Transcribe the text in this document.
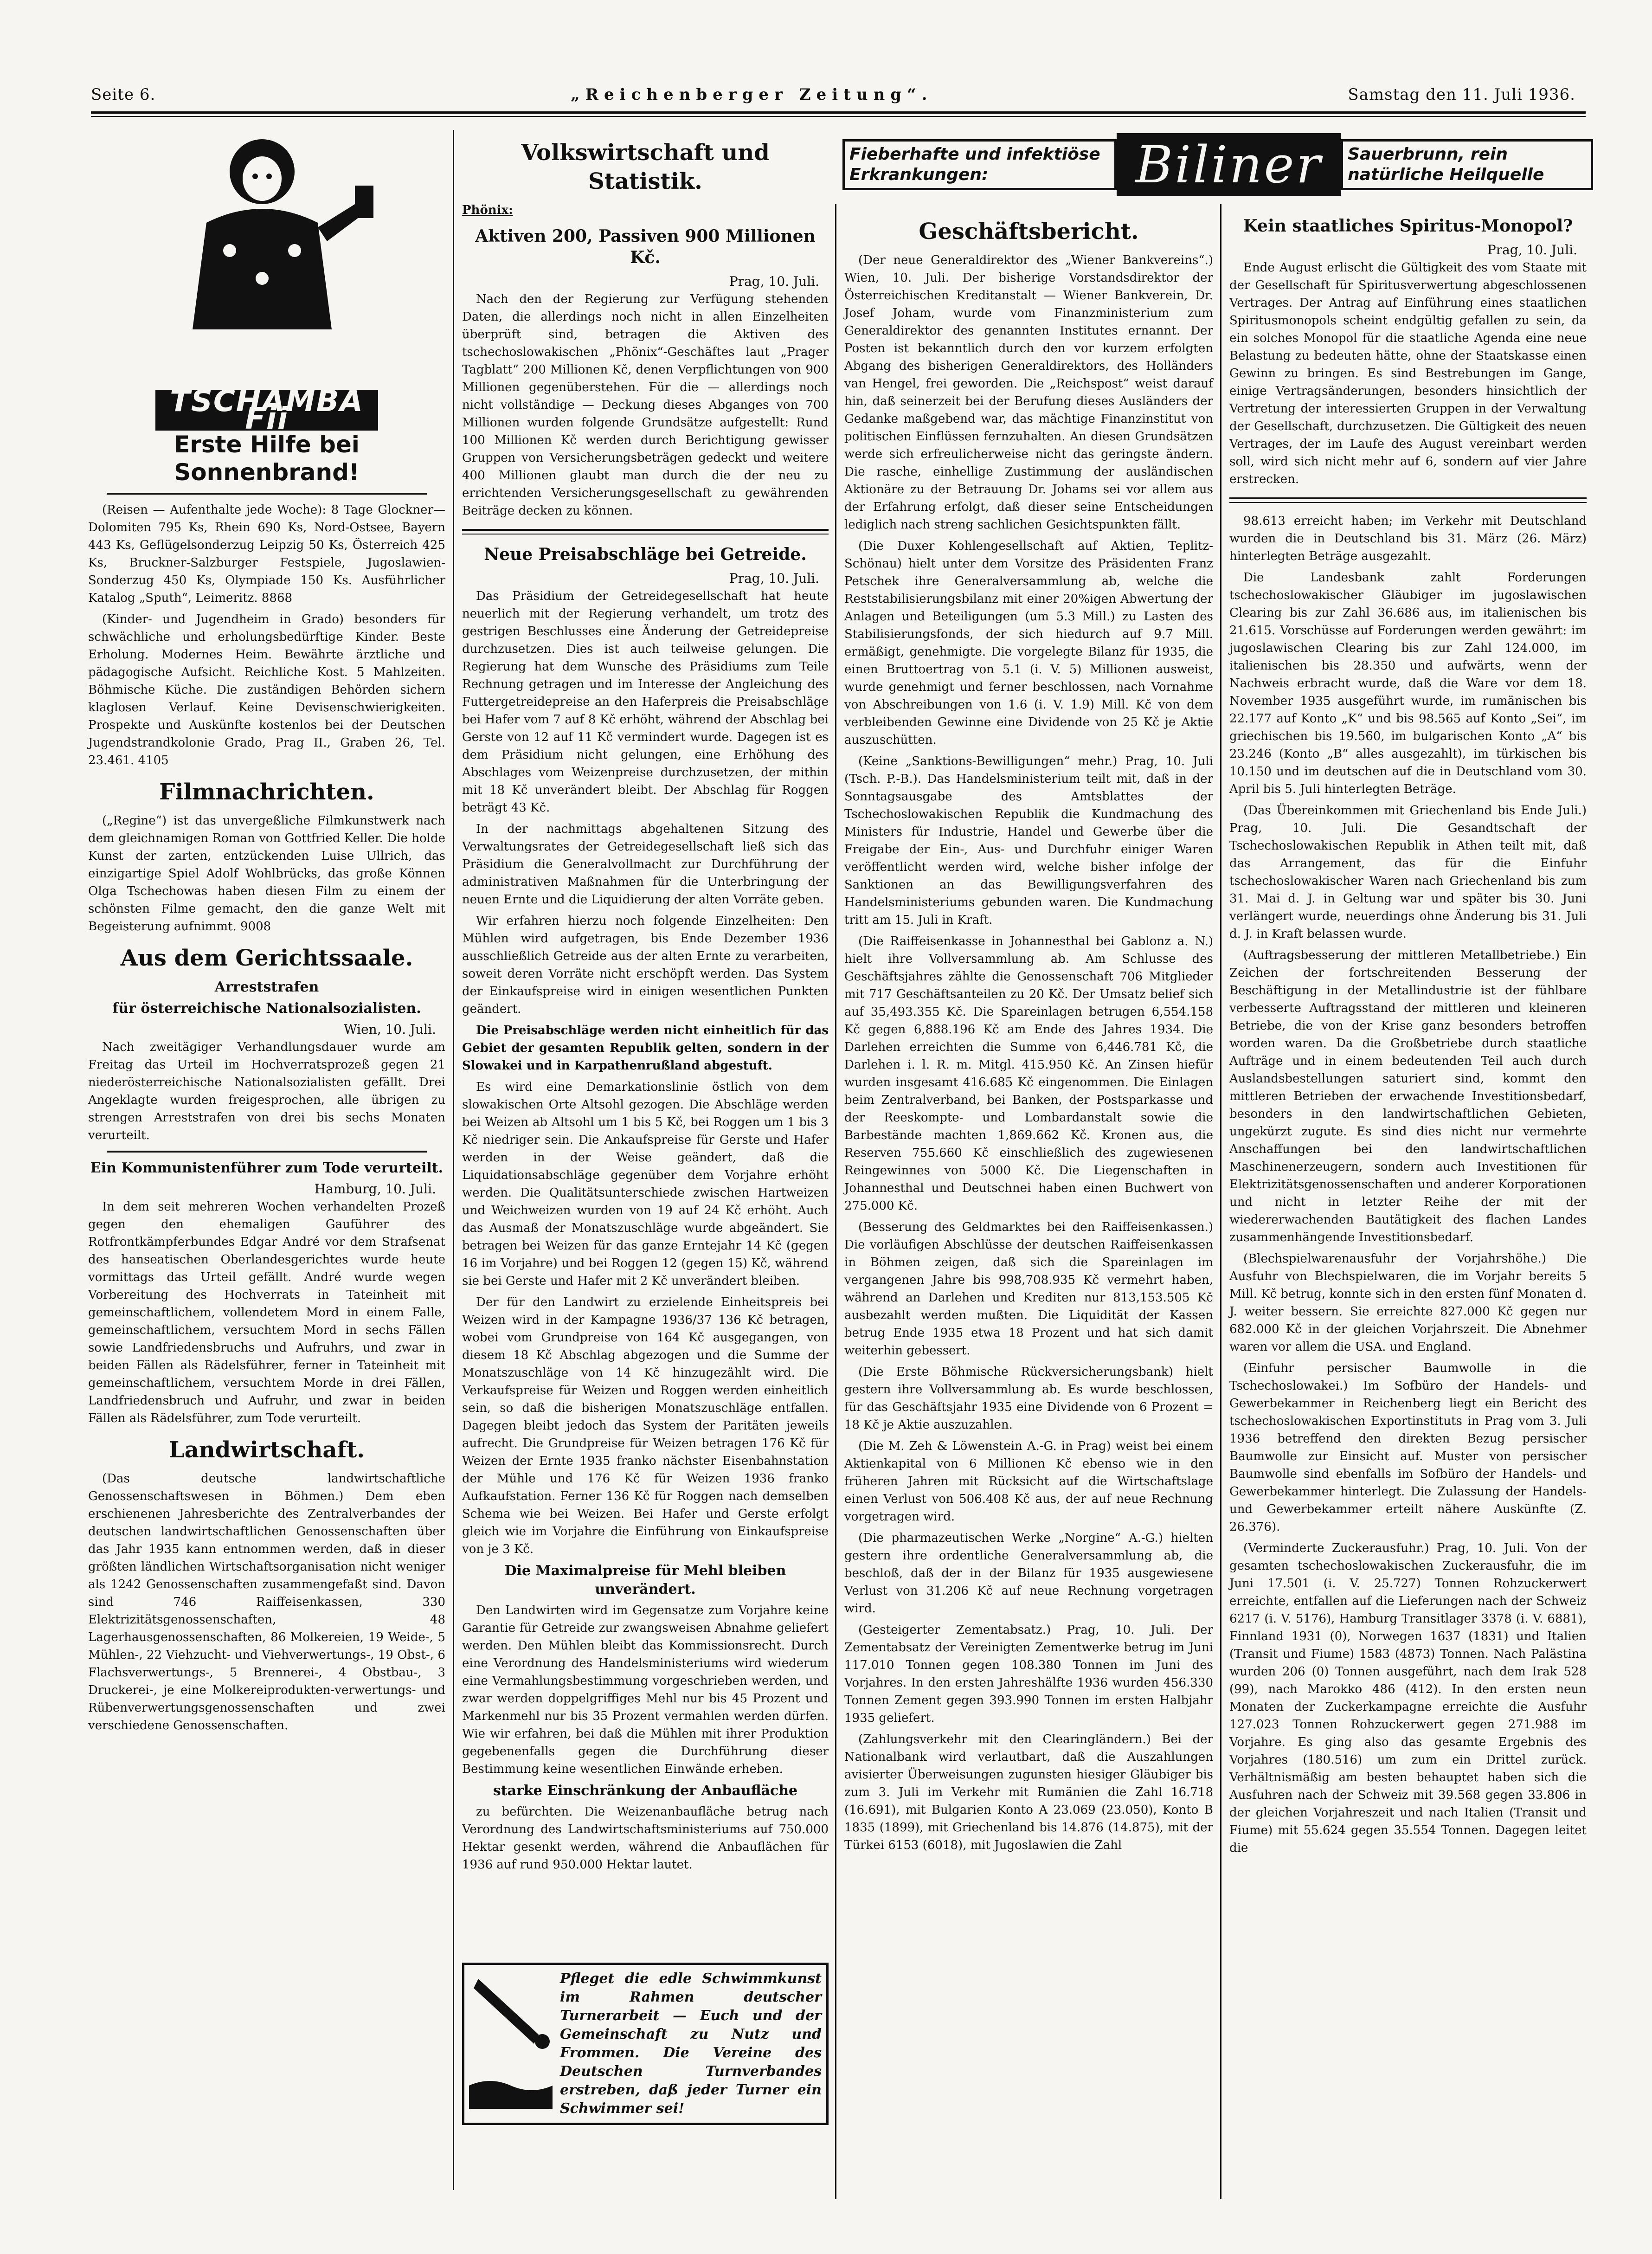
Seite 6.	„Reichenberger Zeitung“.	Samstag den 11. Juli 1936.
TSCHAMBA Fii
Erste Hilfe bei Sonnenbrand!

(Reisen — Aufenthalte jede Woche): 8 Tage Glockner—Dolomiten 795 Ks, Rhein 690 Ks, Nord-Ostsee, Bayern 443 Ks, Geflügelsonderzug Leipzig 50 Ks, Österreich 425 Ks, Bruckner-Salzburger Festspiele, Jugoslawien-Sonderzug 450 Ks, Olympiade 150 Ks. Ausführlicher Katalog „Sputh“, Leimeritz. 8868

(Kinder- und Jugendheim in Grado) besonders für schwächliche und erholungsbedürftige Kinder. Beste Erholung. Modernes Heim. Bewährte ärztliche und pädagogische Aufsicht. Reichliche Kost. 5 Mahlzeiten. Böhmische Küche. Die zuständigen Behörden sichern klaglosen Verlauf. Keine Devisenschwierigkeiten. Prospekte und Auskünfte kostenlos bei der Deutschen Jugendstrandkolonie Grado, Prag II., Graben 26, Tel. 23.461. 4105

Filmnachrichten.

(„Regine“) ist das unvergeßliche Filmkunstwerk nach dem gleichnamigen Roman von Gottfried Keller. Die holde Kunst der zarten, entzückenden Luise Ullrich, das einzigartige Spiel Adolf Wohlbrücks, das große Können Olga Tschechowas haben diesen Film zu einem der schönsten Filme gemacht, den die ganze Welt mit Begeisterung aufnimmt. 9008

Aus dem Gerichtssaale.
Arreststrafen
für österreichische Nationalsozialisten.
Wien, 10. Juli.

Nach zweitägiger Verhandlungsdauer wurde am Freitag das Urteil im Hochverratsprozeß gegen 21 niederösterreichische Nationalsozialisten gefällt. Drei Angeklagte wurden freigesprochen, alle übrigen zu strengen Arreststrafen von drei bis sechs Monaten verurteilt.

Ein Kommunistenführer zum Tode verurteilt.
Hamburg, 10. Juli.

In dem seit mehreren Wochen verhandelten Prozeß gegen den ehemaligen Gauführer des Rotfrontkämpferbundes Edgar André vor dem Strafsenat des hanseatischen Oberlandesgerichtes wurde heute vormittags das Urteil gefällt. André wurde wegen Vorbereitung des Hochverrats in Tateinheit mit gemeinschaftlichem, vollendetem Mord in einem Falle, gemeinschaftlichem, versuchtem Mord in sechs Fällen sowie Landfriedensbruchs und Aufruhrs, und zwar in beiden Fällen als Rädelsführer, ferner in Tateinheit mit gemeinschaftlichem, versuchtem Morde in drei Fällen, Landfriedensbruch und Aufruhr, und zwar in beiden Fällen als Rädelsführer, zum Tode verurteilt.

Landwirtschaft.

(Das deutsche landwirtschaftliche Genossenschaftswesen in Böhmen.) Dem eben erschienenen Jahresberichte des Zentralverbandes der deutschen landwirtschaftlichen Genossenschaften über das Jahr 1935 kann entnommen werden, daß in dieser größten ländlichen Wirtschaftsorganisation nicht weniger als 1242 Genossenschaften zusammengefaßt sind. Davon sind 746 Raiffeisenkassen, 330 Elektrizitätsgenossenschaften, 48 Lagerhausgenossenschaften, 86 Molkereien, 19 Weide-, 5 Mühlen-, 22 Viehzucht- und Viehverwertungs-, 19 Obst-, 6 Flachsverwertungs-, 5 Brennerei-, 4 Obstbau-, 3 Druckerei-, je eine Molkereiprodukten-verwertungs- und Rübenverwertungsgenossenschaften und zwei verschiedene Genossenschaften.

Volkswirtschaft und Statistik.
Phönix:
Aktiven 200, Passiven 900 Millionen Kč.
Prag, 10. Juli.

Nach den der Regierung zur Verfügung stehenden Daten, die allerdings noch nicht in allen Einzelheiten überprüft sind, betragen die Aktiven des tschechoslowakischen „Phönix“-Geschäftes laut „Prager Tagblatt“ 200 Millionen Kč, denen Verpflichtungen von 900 Millionen gegenüberstehen. Für die — allerdings noch nicht vollständige — Deckung dieses Abganges von 700 Millionen wurden folgende Grundsätze aufgestellt: Rund 100 Millionen Kč werden durch Berichtigung gewisser Gruppen von Versicherungsbeträgen gedeckt und weitere 400 Millionen glaubt man durch die der neu zu errichtenden Versicherungsgesellschaft zu gewährenden Beiträge decken zu können.

Neue Preisabschläge bei Getreide.
Prag, 10. Juli.

Das Präsidium der Getreidegesellschaft hat heute neuerlich mit der Regierung verhandelt, um trotz des gestrigen Beschlusses eine Änderung der Getreidepreise durchzusetzen. Dies ist auch teilweise gelungen. Die Regierung hat dem Wunsche des Präsidiums zum Teile Rechnung getragen und im Interesse der Angleichung des Futtergetreidepreise an den Haferpreis die Preisabschläge bei Hafer vom 7 auf 8 Kč erhöht, während der Abschlag bei Gerste von 12 auf 11 Kč vermindert wurde. Dagegen ist es dem Präsidium nicht gelungen, eine Erhöhung des Abschlages vom Weizenpreise durchzusetzen, der mithin mit 18 Kč unverändert bleibt. Der Abschlag für Roggen beträgt 43 Kč.

In der nachmittags abgehaltenen Sitzung des Verwaltungsrates der Getreidegesellschaft ließ sich das Präsidium die Generalvollmacht zur Durchführung der administrativen Maßnahmen für die Unterbringung der neuen Ernte und die Liquidierung der alten Vorräte geben.

Wir erfahren hierzu noch folgende Einzelheiten: Den Mühlen wird aufgetragen, bis Ende Dezember 1936 ausschließlich Getreide aus der alten Ernte zu verarbeiten, soweit deren Vorräte nicht erschöpft werden. Das System der Einkaufspreise wird in einigen wesentlichen Punkten geändert.

Die Preisabschläge werden nicht einheitlich für das Gebiet der gesamten Republik gelten, sondern in der Slowakei und in Karpathenrußland abgestuft.

Es wird eine Demarkationslinie östlich von dem slowakischen Orte Altsohl gezogen. Die Abschläge werden bei Weizen ab Altsohl um 1 bis 5 Kč, bei Roggen um 1 bis 3 Kč niedriger sein. Die Ankaufspreise für Gerste und Hafer werden in der Weise geändert, daß die Liquidationsabschläge gegenüber dem Vorjahre erhöht werden. Die Qualitätsunterschiede zwischen Hartweizen und Weichweizen wurden von 19 auf 24 Kč erhöht. Auch das Ausmaß der Monatszuschläge wurde abgeändert. Sie betragen bei Weizen für das ganze Erntejahr 14 Kč (gegen 16 im Vorjahre) und bei Roggen 12 (gegen 15) Kč, während sie bei Gerste und Hafer mit 2 Kč unverändert bleiben.

Der für den Landwirt zu erzielende Einheitspreis bei Weizen wird in der Kampagne 1936/37 136 Kč betragen, wobei vom Grundpreise von 164 Kč ausgegangen, von diesem 18 Kč Abschlag abgezogen und die Summe der Monatszuschläge von 14 Kč hinzugezählt wird. Die Verkaufspreise für Weizen und Roggen werden einheitlich sein, so daß die bisherigen Monatszuschläge entfallen. Dagegen bleibt jedoch das System der Paritäten jeweils aufrecht. Die Grundpreise für Weizen betragen 176 Kč für Weizen der Ernte 1935 franko nächster Eisenbahnstation der Mühle und 176 Kč für Weizen 1936 franko Aufkaufstation. Ferner 136 Kč für Roggen nach demselben Schema wie bei Weizen. Bei Hafer und Gerste erfolgt gleich wie im Vorjahre die Einführung von Einkaufspreise von je 3 Kč.

Die Maximalpreise für Mehl bleiben unverändert.

Den Landwirten wird im Gegensatze zum Vorjahre keine Garantie für Getreide zur zwangsweisen Abnahme geliefert werden. Den Mühlen bleibt das Kommissionsrecht. Durch eine Verordnung des Handelsministeriums wird wiederum eine Vermahlungsbestimmung vorgeschrieben werden, und zwar werden doppelgriffiges Mehl nur bis 45 Prozent und Markenmehl nur bis 35 Prozent vermahlen werden dürfen. Wie wir erfahren, bei daß die Mühlen mit ihrer Produktion gegebenenfalls gegen die Durchführung dieser Bestimmung keine wesentlichen Einwände erheben.

starke Einschränkung der Anbaufläche

zu befürchten. Die Weizenanbaufläche betrug nach Verordnung des Landwirtschaftsministeriums auf 750.000 Hektar gesenkt werden, während die Anbauflächen für 1936 auf rund 950.000 Hektar lautet.

Fieberhafte und infektiöse Erkrankungen:	Biliner	Sauerbrunn, rein natürliche Heilquelle
Geschäftsbericht.

(Der neue Generaldirektor des „Wiener Bankvereins“.) Wien, 10. Juli. Der bisherige Vorstandsdirektor der Österreichischen Kreditanstalt — Wiener Bankverein, Dr. Josef Joham, wurde vom Finanzministerium zum Generaldirektor des genannten Institutes ernannt. Der Posten ist bekanntlich durch den vor kurzem erfolgten Abgang des bisherigen Generaldirektors, des Holländers van Hengel, frei geworden. Die „Reichspost“ weist darauf hin, daß seinerzeit bei der Berufung dieses Ausländers der Gedanke maßgebend war, das mächtige Finanzinstitut von politischen Einflüssen fernzuhalten. An diesen Grundsätzen werde sich erfreulicherweise nicht das geringste ändern. Die rasche, einhellige Zustimmung der ausländischen Aktionäre zu der Betrauung Dr. Johams sei vor allem aus der Erfahrung erfolgt, daß dieser seine Entscheidungen lediglich nach streng sachlichen Gesichtspunkten fällt.

(Die Duxer Kohlengesellschaft auf Aktien, Teplitz-Schönau) hielt unter dem Vorsitze des Präsidenten Franz Petschek ihre Generalversammlung ab, welche die Reststabilisierungsbilanz mit einer 20%igen Abwertung der Anlagen und Beteiligungen (um 5.3 Mill.) zu Lasten des Stabilisierungsfonds, der sich hiedurch auf 9.7 Mill. ermäßigt, genehmigte. Die vorgelegte Bilanz für 1935, die einen Bruttoertrag von 5.1 (i. V. 5) Millionen ausweist, wurde genehmigt und ferner beschlossen, nach Vornahme von Abschreibungen von 1.6 (i. V. 1.9) Mill. Kč von dem verbleibenden Gewinne eine Dividende von 25 Kč je Aktie auszuschütten.

(Keine „Sanktions-Bewilligungen“ mehr.) Prag, 10. Juli (Tsch. P.-B.). Das Handelsministerium teilt mit, daß in der Sonntagsausgabe des Amtsblattes der Tschechoslowakischen Republik die Kundmachung des Ministers für Industrie, Handel und Gewerbe über die Freigabe der Ein-, Aus- und Durchfuhr einiger Waren veröffentlicht werden wird, welche bisher infolge der Sanktionen an das Bewilligungsverfahren des Handelsministeriums gebunden waren. Die Kundmachung tritt am 15. Juli in Kraft.

(Die Raiffeisenkasse in Johannesthal bei Gablonz a. N.) hielt ihre Vollversammlung ab. Am Schlusse des Geschäftsjahres zählte die Genossenschaft 706 Mitglieder mit 717 Geschäftsanteilen zu 20 Kč. Der Umsatz belief sich auf 35,493.355 Kč. Die Spareinlagen betrugen 6,554.158 Kč gegen 6,888.196 Kč am Ende des Jahres 1934. Die Darlehen erreichten die Summe von 6,446.781 Kč, die Darlehen i. l. R. m. Mitgl. 415.950 Kč. An Zinsen hiefür wurden insgesamt 416.685 Kč eingenommen. Die Einlagen beim Zentralverband, bei Banken, der Postsparkasse und der Reeskompte- und Lombardanstalt sowie die Barbestände machten 1,869.662 Kč. Kronen aus, die Reserven 755.660 Kč einschließlich des zugewiesenen Reingewinnes von 5000 Kč. Die Liegenschaften in Johannesthal und Deutschnei haben einen Buchwert von 275.000 Kč.

(Besserung des Geldmarktes bei den Raiffeisenkassen.) Die vorläufigen Abschlüsse der deutschen Raiffeisenkassen in Böhmen zeigen, daß sich die Spareinlagen im vergangenen Jahre bis 998,708.935 Kč vermehrt haben, während an Darlehen und Krediten nur 813,153.505 Kč ausbezahlt werden mußten. Die Liquidität der Kassen betrug Ende 1935 etwa 18 Prozent und hat sich damit weiterhin gebessert.

(Die Erste Böhmische Rückversicherungsbank) hielt gestern ihre Vollversammlung ab. Es wurde beschlossen, für das Geschäftsjahr 1935 eine Dividende von 6 Prozent = 18 Kč je Aktie auszuzahlen.

(Die M. Zeh & Löwenstein A.-G. in Prag) weist bei einem Aktienkapital von 6 Millionen Kč ebenso wie in den früheren Jahren mit Rücksicht auf die Wirtschaftslage einen Verlust von 506.408 Kč aus, der auf neue Rechnung vorgetragen wird.

(Die pharmazeutischen Werke „Norgine“ A.-G.) hielten gestern ihre ordentliche Generalversammlung ab, die beschloß, daß der in der Bilanz für 1935 ausgewiesene Verlust von 31.206 Kč auf neue Rechnung vorgetragen wird.

(Gesteigerter Zementabsatz.) Prag, 10. Juli. Der Zementabsatz der Vereinigten Zementwerke betrug im Juni 117.010 Tonnen gegen 108.380 Tonnen im Juni des Vorjahres. In den ersten Jahreshälfte 1936 wurden 456.330 Tonnen Zement gegen 393.990 Tonnen im ersten Halbjahr 1935 geliefert.

(Zahlungsverkehr mit den Clearingländern.) Bei der Nationalbank wird verlautbart, daß die Auszahlungen avisierter Überweisungen zugunsten hiesiger Gläubiger bis zum 3. Juli im Verkehr mit Rumänien die Zahl 16.718 (16.691), mit Bulgarien Konto A 23.069 (23.050), Konto B 1835 (1899), mit Griechenland bis 14.876 (14.875), mit der Türkei 6153 (6018), mit Jugoslawien die Zahl

Kein staatliches Spiritus-Monopol?
Prag, 10. Juli.

Ende August erlischt die Gültigkeit des vom Staate mit der Gesellschaft für Spiritusverwertung abgeschlossenen Vertrages. Der Antrag auf Einführung eines staatlichen Spiritusmonopols scheint endgültig gefallen zu sein, da ein solches Monopol für die staatliche Agenda eine neue Belastung zu bedeuten hätte, ohne der Staatskasse einen Gewinn zu bringen. Es sind Bestrebungen im Gange, einige Vertragsänderungen, besonders hinsichtlich der Vertretung der interessierten Gruppen in der Verwaltung der Gesellschaft, durchzusetzen. Die Gültigkeit des neuen Vertrages, der im Laufe des August vereinbart werden soll, wird sich nicht mehr auf 6, sondern auf vier Jahre erstrecken.

98.613 erreicht haben; im Verkehr mit Deutschland wurden die in Deutschland bis 31. März (26. März) hinterlegten Beträge ausgezahlt.

Die Landesbank zahlt Forderungen tschechoslowakischer Gläubiger im jugoslawischen Clearing bis zur Zahl 36.686 aus, im italienischen bis 21.615. Vorschüsse auf Forderungen werden gewährt: im jugoslawischen Clearing bis zur Zahl 124.000, im italienischen bis 28.350 und aufwärts, wenn der Nachweis erbracht wurde, daß die Ware vor dem 18. November 1935 ausgeführt wurde, im rumänischen bis 22.177 auf Konto „K“ und bis 98.565 auf Konto „Sei“, im griechischen bis 19.560, im bulgarischen Konto „A“ bis 23.246 (Konto „B“ alles ausgezahlt), im türkischen bis 10.150 und im deutschen auf die in Deutschland vom 30. April bis 5. Juli hinterlegten Beträge.

(Das Übereinkommen mit Griechenland bis Ende Juli.) Prag, 10. Juli. Die Gesandtschaft der Tschechoslowakischen Republik in Athen teilt mit, daß das Arrangement, das für die Einfuhr tschechoslowakischer Waren nach Griechenland bis zum 31. Mai d. J. in Geltung war und später bis 30. Juni verlängert wurde, neuerdings ohne Änderung bis 31. Juli d. J. in Kraft belassen wurde.

(Auftragsbesserung der mittleren Metallbetriebe.) Ein Zeichen der fortschreitenden Besserung der Beschäftigung in der Metallindustrie ist der fühlbare verbesserte Auftragsstand der mittleren und kleineren Betriebe, die von der Krise ganz besonders betroffen worden waren. Da die Großbetriebe durch staatliche Aufträge und in einem bedeutenden Teil auch durch Auslandsbestellungen saturiert sind, kommt den mittleren Betrieben der erwachende Investitionsbedarf, besonders in den landwirtschaftlichen Gebieten, ungekürzt zugute. Es sind dies nicht nur vermehrte Anschaffungen bei den landwirtschaftlichen Maschinenerzeugern, sondern auch Investitionen für Elektrizitätsgenossenschaften und anderer Korporationen und nicht in letzter Reihe der mit der wiedererwachenden Bautätigkeit des flachen Landes zusammenhängende Investitionsbedarf.

(Blechspielwarenausfuhr der Vorjahrshöhe.) Die Ausfuhr von Blechspielwaren, die im Vorjahr bereits 5 Mill. Kč betrug, konnte sich in den ersten fünf Monaten d. J. weiter bessern. Sie erreichte 827.000 Kč gegen nur 682.000 Kč in der gleichen Vorjahrszeit. Die Abnehmer waren vor allem die USA. und England.

(Einfuhr persischer Baumwolle in die Tschechoslowakei.) Im Sofbüro der Handels- und Gewerbekammer in Reichenberg liegt ein Bericht des tschechoslowakischen Exportinstituts in Prag vom 3. Juli 1936 betreffend den direkten Bezug persischer Baumwolle zur Einsicht auf. Muster von persischer Baumwolle sind ebenfalls im Sofbüro der Handels- und Gewerbekammer hinterlegt. Die Zulassung der Handels- und Gewerbekammer erteilt nähere Auskünfte (Z. 26.376).

(Verminderte Zuckerausfuhr.) Prag, 10. Juli. Von der gesamten tschechoslowakischen Zuckerausfuhr, die im Juni 17.501 (i. V. 25.727) Tonnen Rohzuckerwert erreichte, entfallen auf die Lieferungen nach der Schweiz 6217 (i. V. 5176), Hamburg Transitlager 3378 (i. V. 6881), Finnland 1931 (0), Norwegen 1637 (1831) und Italien (Transit und Fiume) 1583 (4873) Tonnen. Nach Palästina wurden 206 (0) Tonnen ausgeführt, nach dem Irak 528 (99), nach Marokko 486 (412). In den ersten neun Monaten der Zuckerkampagne erreichte die Ausfuhr 127.023 Tonnen Rohzuckerwert gegen 271.988 im Vorjahre. Es ging also das gesamte Ergebnis des Vorjahres (180.516) um zum ein Drittel zurück. Verhältnismäßig am besten behauptet haben sich die Ausfuhren nach der Schweiz mit 39.568 gegen 33.806 in der gleichen Vorjahreszeit und nach Italien (Transit und Fiume) mit 55.624 gegen 35.554 Tonnen. Dagegen leitet die

Pfleget die edle Schwimmkunst im Rahmen deutscher Turnerarbeit — Euch und der Gemeinschaft zu Nutz und Frommen. Die Vereine des Deutschen Turnverbandes erstreben, daß jeder Turner ein Schwimmer sei!
